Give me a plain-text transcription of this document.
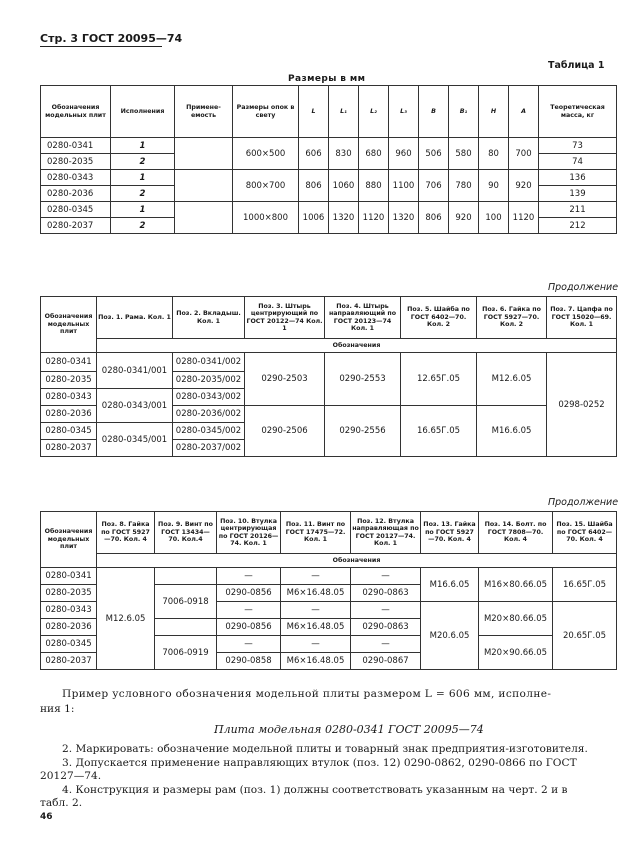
Стр. 3 ГОСТ 20095—74
Таблица 1
Размеры в мм
Обозначения модельных плит	Исполнения	Примене-емость	Размеры опок в свету	L	L₁	L₂	L₃	B	B₁	H	A	Теоретическая масса, кг
0280-0341	1		600×500	606	830	680	960	506	580	80	700	73
0280-2035	2											74
0280-0343	1		800×700	806	1060	880	1100	706	780	90	920	136
0280-2036	2											139
0280-0345	1		1000×800	1006	1320	1120	1320	806	920	100	1120	211
0280-2037	2											212
Продолжение
Обозначения модельных плит	Поз. 1. Рама. Кол. 1	Поз. 2. Вкладыш. Кол. 1	Поз. 3. Штырь центрирующий по ГОСТ 20122—74 Кол. 1	Поз. 4. Штырь направляющий по ГОСТ 20123—74 Кол. 1	Поз. 5. Шайба по ГОСТ 6402—70. Кол. 2	Поз. 6. Гайка по ГОСТ 5927—70. Кол. 2	Поз. 7. Цапфа по ГОСТ 15020—69. Кол. 1
	Обозначения						
0280-0341	0280-0341/001	0280-0341/002	0290-2503	0290-2553	12.65Г.05	М12.6.05	0298-0252
0280-2035		0280-2035/002					
0280-0343	0280-0343/001	0280-0343/002					
0280-2036		0280-2036/002	0290-2506	0290-2556	16.65Г.05	М16.6.05	
0280-0345	0280-0345/001	0280-0345/002					
0280-2037		0280-2037/002					
Продолжение
Обозначения модельных плит	Поз. 8. Гайка по ГОСТ 5927—70. Кол. 4	Поз. 9. Винт по ГОСТ 13434—70. Кол.4	Поз. 10. Втулка центрирующая по ГОСТ 20126—74. Кол. 1	Поз. 11. Винт по ГОСТ 17475—72. Кол. 1	Поз. 12. Втулка направляющая по ГОСТ 20127—74. Кол. 1	Поз. 13. Гайка по ГОСТ 5927—70. Кол. 4	Поз. 14. Болт. по ГОСТ 7808—70. Кол. 4	Поз. 15. Шайба по ГОСТ 6402—70. Кол. 4
	Обозначения							
0280-0341	М12.6.05		—	—	—	М16.6.05	М16×80.66.05	16.65Г.05
0280-2035		7006-0918	0290-0856	М6×16.48.05	0290-0863			
0280-0343			—	—	—	М20.6.05	М20×80.66.05	20.65Г.05
0280-2036			0290-0856	М6×16.48.05	0290-0863			
0280-0345		7006-0919	—	—	—		М20×90.66.05	
0280-2037			0290-0858	М6×16.48.05	0290-0867			
Пример условного обозначения модельной плиты размером L = 606 мм, исполне-
ния 1:
Плита модельная 0280-0341 ГОСТ 20095—74
2. Маркировать: обозначение модельной плиты и товарный знак предприятия-изготовителя.
3. Допускается применение направляющих втулок (поз. 12) 0290-0862, 0290-0866 по ГОСТ
20127—74.
4. Конструкция и размеры рам (поз. 1) должны соответствовать указанным на черт. 2 и в
табл. 2.
46
